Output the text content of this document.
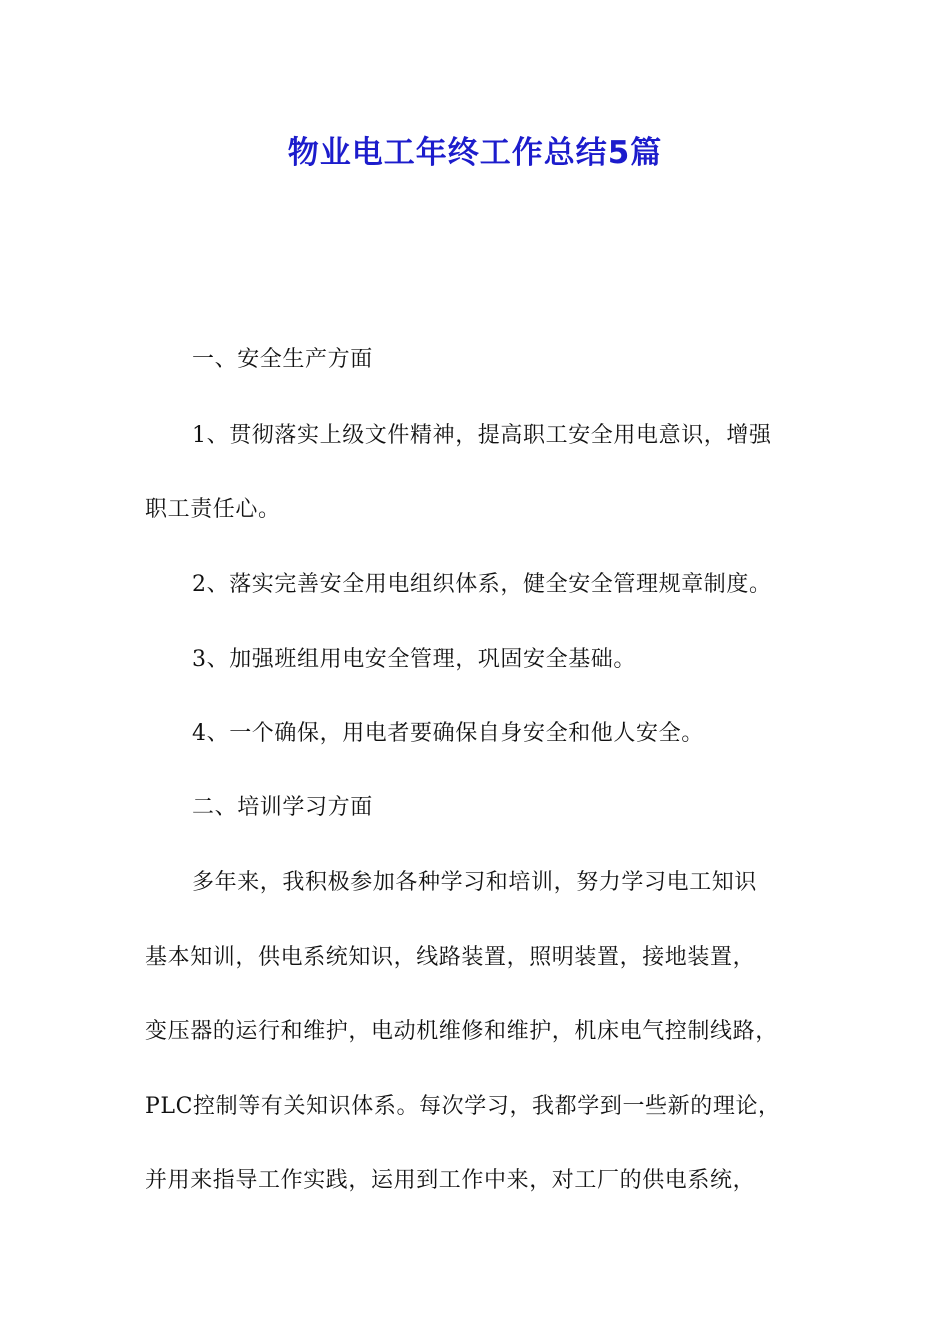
物业电工年终工作总结5篇
一、安全生产方面
1、贯彻落实上级文件精神，提高职工安全用电意识，增强
职工责任心。
2、落实完善安全用电组织体系，健全安全管理规章制度。
3、加强班组用电安全管理，巩固安全基础。
4、一个确保，用电者要确保自身安全和他人安全。
二、培训学习方面
多年来，我积极参加各种学习和培训，努力学习电工知识
基本知训，供电系统知识，线路装置，照明装置，接地装置，
变压器的运行和维护，电动机维修和维护，机床电气控制线路，
PLC控制等有关知识体系。每次学习，我都学到一些新的理论，
并用来指导工作实践，运用到工作中来，对工厂的供电系统，
